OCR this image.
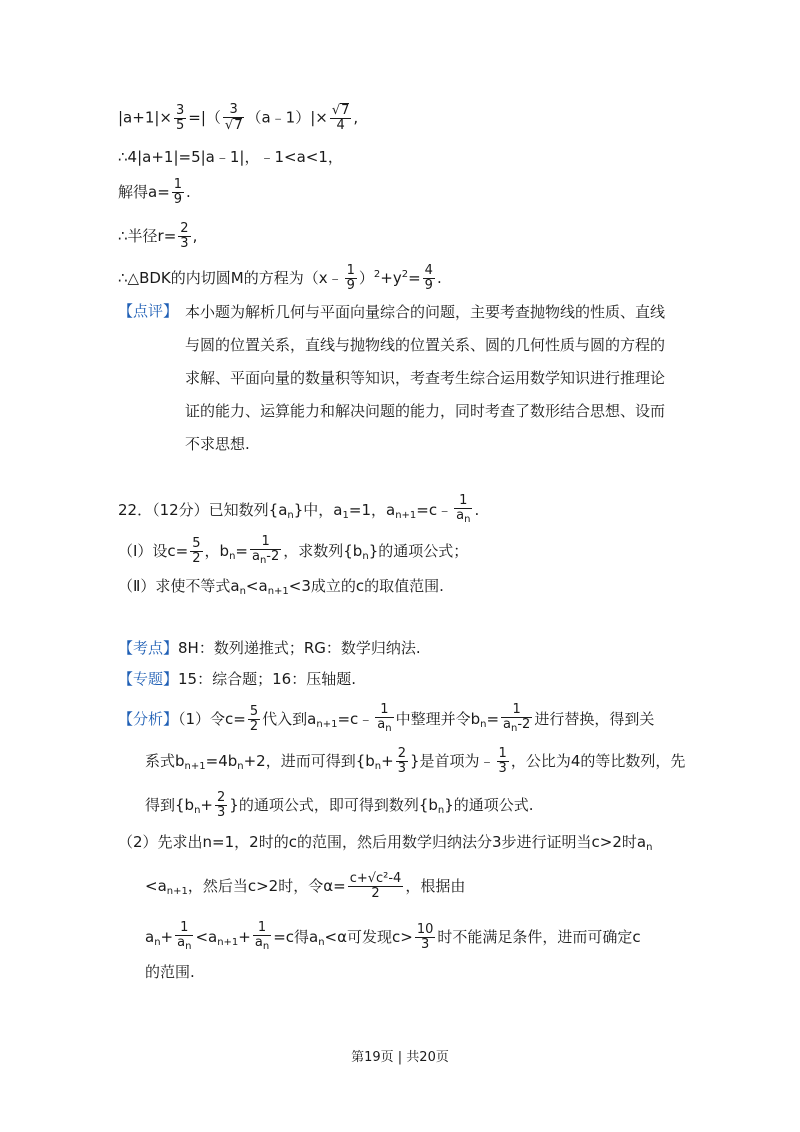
$|a+1|\times \frac{3}{5}$ =|（ $\frac{3}{√7}$ （a﹣1）|× $\frac{√7}{4}$ ,
∴4|a+1|=5|a﹣1|，﹣1<a<1，
解得$a= \frac{1}{9}$ .
∴半径$r= \frac{2}{3}$ ,
∴△BDK的内切圆M的方程为（x﹣ $\frac{1}{9} )^2+y^2= \frac{4}{9}$ .
【点评】 本小题为解析几何与平面向量综合的问题，主要考查抛物线的性质、直线与圆的位置关系，直线与抛物线的位置关系、圆的几何性质与圆的方程的求解、平面向量的数量积等知识，考查考生综合运用数学知识进行推理论证的能力、运算能力和解决问题的能力，同时考查了数形结合思想、设而不求思想.
22．（12分）已知数列$\{a_n\}$中，$a_1=1$，$a_{n+1}=c﹣ \frac{1}{a_n}$ .
（Ⅰ）设$c= \frac{5}{2}$ ，$b_n= \frac{1}{a_n-2}$ ，求数列$\{b_n\}$的通项公式；
（Ⅱ）求使不等式$a_n<a_{n+1}<3$成立的c的取值范围.
【考点】8H：数列递推式；RG：数学归纳法.
【专题】15：综合题；16：压轴题.
【分析】（1）令$c= \frac{5}{2}$ 代入到$a_{n+1}=c﹣ \frac{1}{a_n}$ 中整理并令$b_n= \frac{1}{a_n-2}$ 进行替换，得到关
系式$b_{n+1}=4b_n+2$，进而可得到{$b_n+ \frac{2}{3}$ }是首项为﹣ $\frac{1}{3}$ ，公比为4的等比数列，先
得到{$b_n+ \frac{2}{3}$ }的通项公式，即可得到数列$\{b_n\}$的通项公式.
（2）先求出n=1，2时的c的范围，然后用数学归纳法分3步进行证明当c>2时$a_n$
$<a_{n+1}$，然后当c>2时，令$\alpha= \frac{\text{c+√c²-4}}{2}$ ，根据由
$a_n+ \frac{1}{a_n} <a_{n+1}+ \frac{1}{a_n} =c$得$a_n<\alpha$可发现$c> \frac{10}{3}$ 时不能满足条件，进而可确定c
的范围.
第19页 | 共20页
